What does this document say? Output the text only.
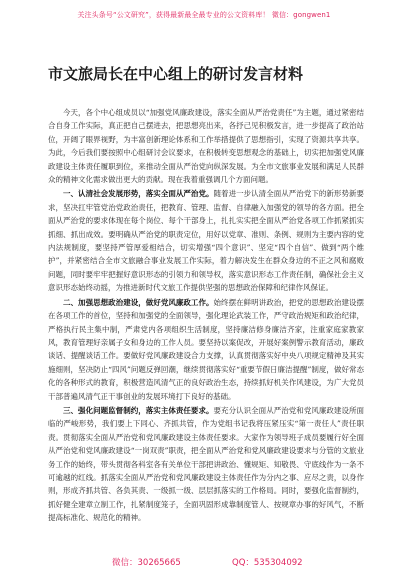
关注头条号“公文研究”，获得最新最全最专业的公文资料库！ 微信：gongwen1
市文旅局长在中心组上的研讨发言材料

今天，各个中心组成员以“加强党风廉政建设，落实全面从严治党责任”为主题，通过紧密结合自身工作实际，真正把自己摆进去，把思想亮出来，各抒己见积极发言，进一步提高了政治站位，开阔了眼界视野，为丰富创新理论体系和工作举措提供了思想指引，实现了资源共享共享。为此，今后我们要按照中心组研讨会议要求，在积极转变思想观念的基础上，切实把加强党风廉政建设主体责任履职到位，来推动全面从严治党向纵深发展。为全市文旅事业发展和满足人民群众的精神文化需求做出更大的贡献。现在我着重强调几个方面问题。

一、认清社会发展形势，落实全面从严治党。随着进一步认清全面从严治党下的新形势新要求，坚决扛牢管党治党政治责任，把教育、管理、监督、自律融入加强党的领导的各方面。把全面从严治党的要求体现在每个岗位、每个干部身上，扎扎实实把全面从严治党各项工作抓紧抓实抓细、抓出成效。要明确从严治党的职责定位，用好以党章、准则、条例、规则为主要内容的党内法规制度，要坚持严管厚爱相结合，切实增强“四个意识”、坚定“四个自信”、做到“两个维护”，并紧密结合全市文旅融合事业发展工作实际，着力解决发生在群众身边的不正之风和腐败问题，同时要牢牢把握好意识形态的引领力和领导权，落实意识形态工作责任制，确保社会主义意识形态始终动摇，为推进新时代文旅工作提供坚强的思想政治保障和纪律作风保证。

二、加强思想政治建设，做好党风廉政工作。始终摆在鲜明讲政治，把党的思想政治建设摆在各项工作的首位，坚持和加强党的全面领导，强化理论武装工作，严守政治规矩和政治纪律，严格执行民主集中制，严肃党内各项组织生活制度，坚持廉洁修身廉洁齐家，注重家庭家教家风，教育管理好亲属子女和身边的工作人员。要坚持以案促改，开展好案例警示教育活动，廉政谈话、提醒谈话工作。要做好党风廉政建设合力支撑，认真贯彻落实好中央八项规定精神及其实施细则，坚决防止“四风”问题反弹回潮，继续贯彻落实好“重要节假日廉洁提醒”制度，做好常态化的各种形式的教育，积极营造风清气正的良好政治生态，持续抓好机关作风建设，为广大党员干部普遍风清气正干事创业的发展环境打下良好的基础。

三、强化问题监督制约，落实主体责任要求。要充分认识全面从严治党和党风廉政建设所面临的严峻形势，我们要上下同心、齐抓共管，作为党组书记我将压紧压实“第一责任人”责任职责。贯彻落实全面从严治党和党风廉政建设主体责任要求。大家作为领导班子成员要履行好全面从严治党和党风廉政建设“一岗双责”职责，把全面从严治党和党风廉政建设要求与分管的文旅业务工作的始终，带头贯彻各科室各有关单位干部把讲政治、懂规矩、知敬畏、守底线作为一条不可逾越的红线。抓落实全面从严治党和党风廉政建设主体责任作为分内之事、应尽之责，以身作则，形成齐抓共管、各负其责、一级抓一级、层层抓落实的工作格局。同时，要强化监督制约，抓好健全建章立制工作，扎紧制度笼子，全面巩固形成靠制度管人、按规章办事的好风气，不断提高标准化、规范化的精神。

微信：30265665	QQ：535304092
